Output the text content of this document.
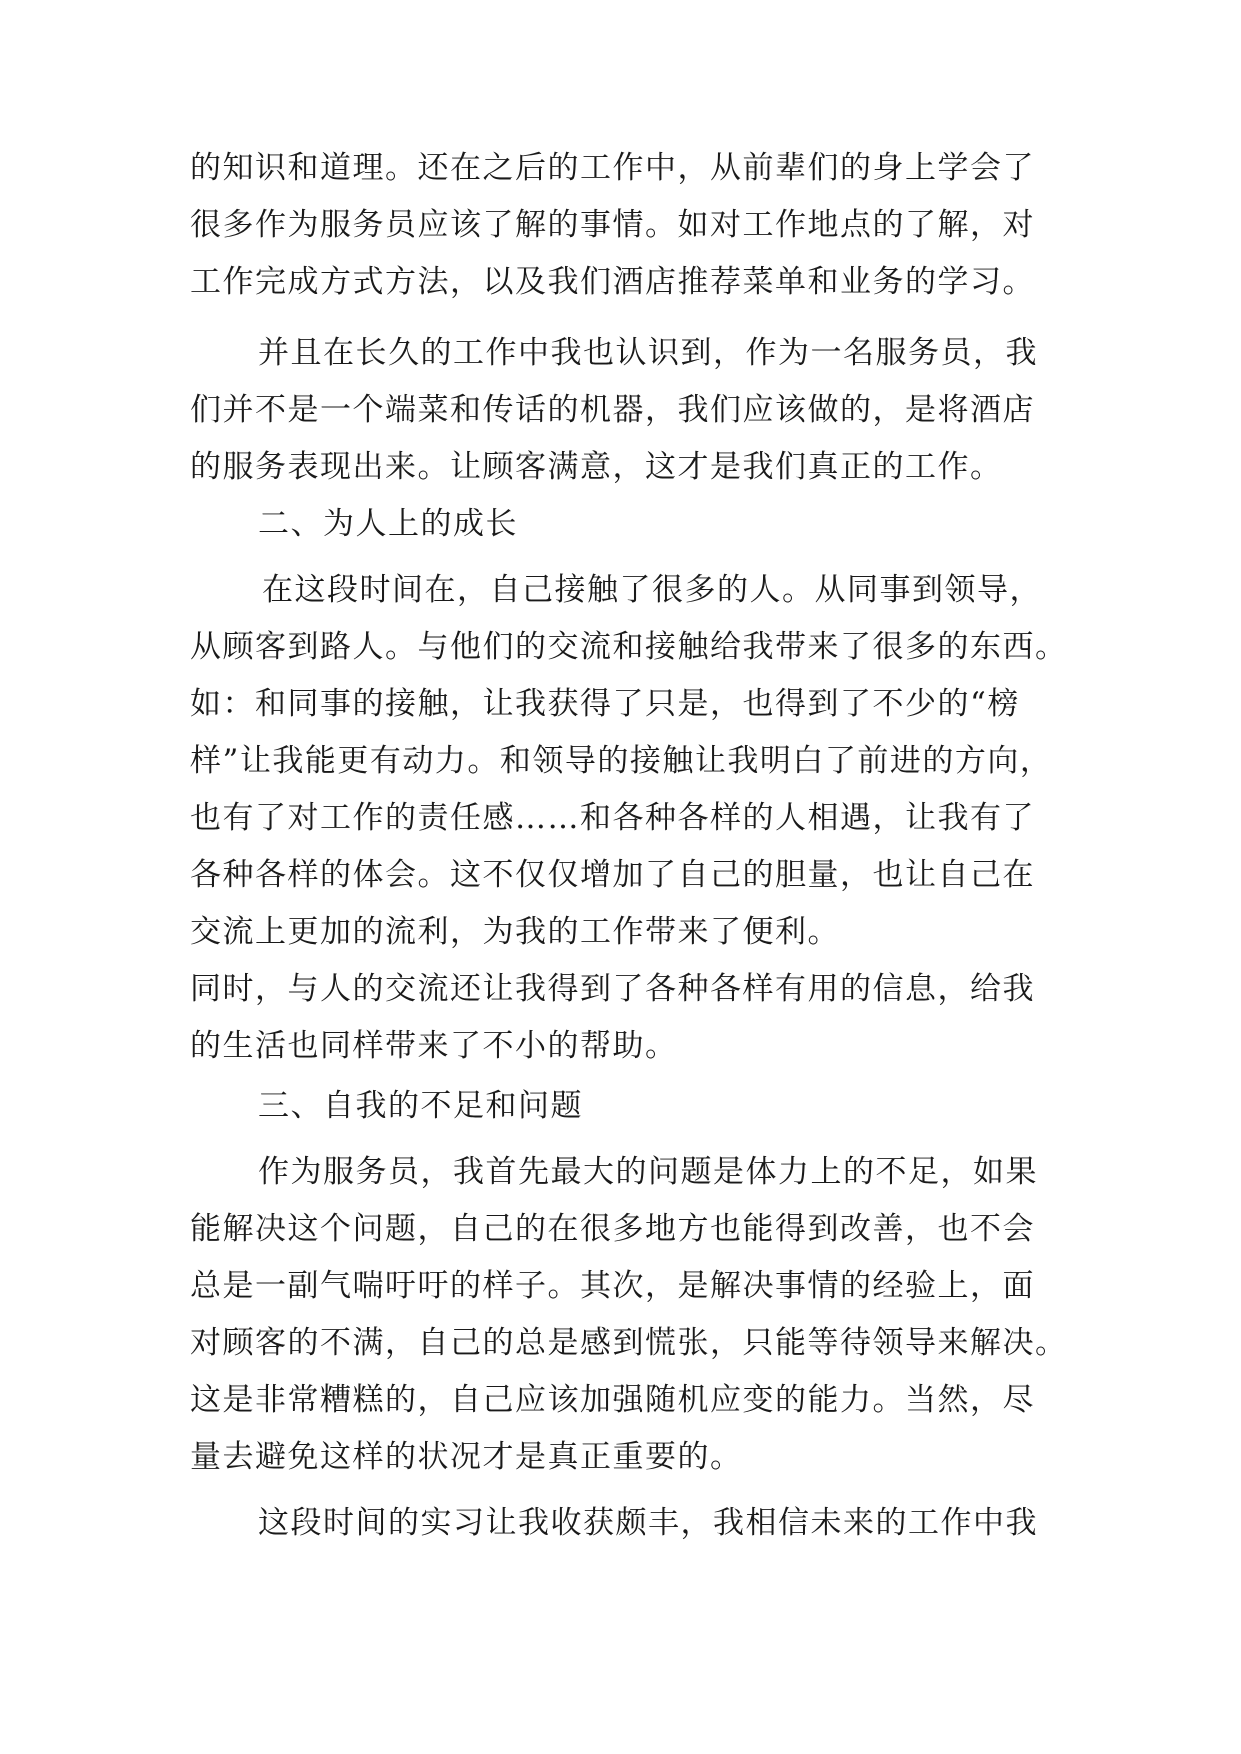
的知识和道理。还在之后的工作中，从前辈们的身上学会了

很多作为服务员应该了解的事情。如对工作地点的了解，对

工作完成方式方法，以及我们酒店推荐菜单和业务的学习。

并且在长久的工作中我也认识到，作为一名服务员，我

们并不是一个端菜和传话的机器，我们应该做的，是将酒店

的服务表现出来。让顾客满意，这才是我们真正的工作。

二、为人上的成长

在这段时间在，自己接触了很多的人。从同事到领导，

从顾客到路人。与他们的交流和接触给我带来了很多的东西。

如：和同事的接触，让我获得了只是，也得到了不少的“榜

样”让我能更有动力。和领导的接触让我明白了前进的方向，

也有了对工作的责任感……和各种各样的人相遇，让我有了

各种各样的体会。这不仅仅增加了自己的胆量，也让自己在

交流上更加的流利，为我的工作带来了便利。

同时，与人的交流还让我得到了各种各样有用的信息，给我

的生活也同样带来了不小的帮助。

三、自我的不足和问题

作为服务员，我首先最大的问题是体力上的不足，如果

能解决这个问题，自己的在很多地方也能得到改善，也不会

总是一副气喘吁吁的样子。其次，是解决事情的经验上，面

对顾客的不满，自己的总是感到慌张，只能等待领导来解决。

这是非常糟糕的，自己应该加强随机应变的能力。当然，尽

量去避免这样的状况才是真正重要的。

这段时间的实习让我收获颇丰，我相信未来的工作中我
